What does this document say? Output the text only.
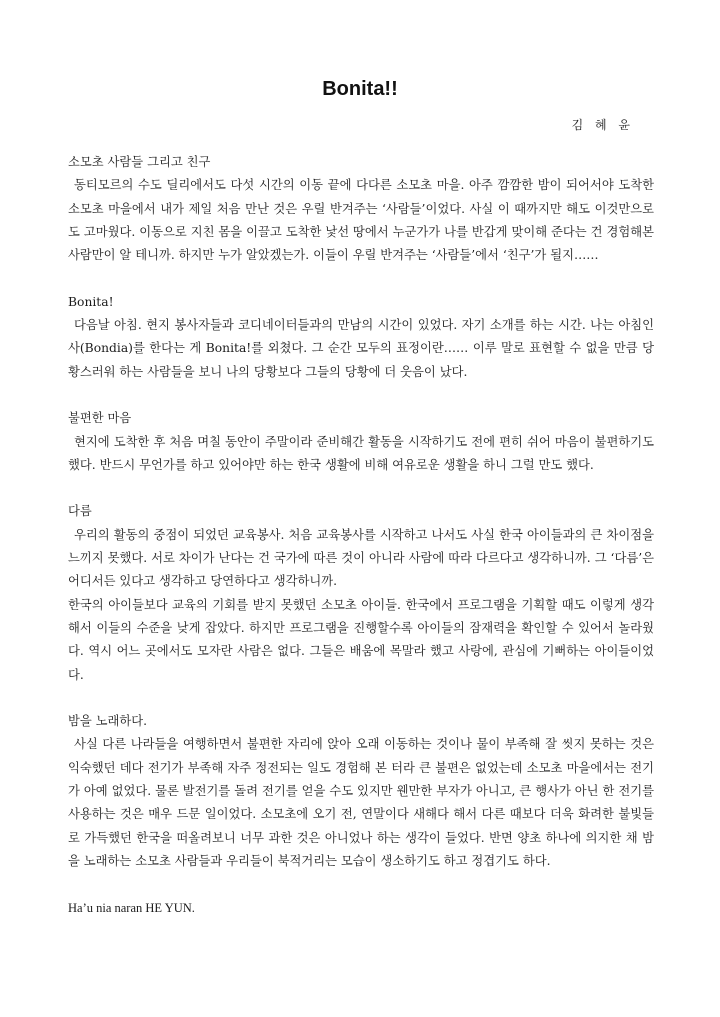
Bonita!!
김 혜 윤

소모초 사람들 그리고 친구

동티모르의 수도 딜리에서도 다섯 시간의 이동 끝에 다다른 소모초 마을. 아주 깜깜한 밤이 되어서야 도착한 소모초 마을에서 내가 제일 처음 만난 것은 우릴 반겨주는 ‘사람들’이었다. 사실 이 때까지만 해도 이것만으로도 고마웠다. 이동으로 지친 몸을 이끌고 도착한 낯선 땅에서 누군가가 나를 반갑게 맞이해 준다는 건 경험해본 사람만이 알 테니까. 하지만 누가 알았겠는가. 이들이 우릴 반겨주는 ‘사람들’에서 ‘친구’가 될지……

Bonita!

다음날 아침. 현지 봉사자들과 코디네이터들과의 만남의 시간이 있었다. 자기 소개를 하는 시간. 나는 아침인사(Bondia)를 한다는 게 Bonita!를 외쳤다. 그 순간 모두의 표정이란…… 이루 말로 표현할 수 없을 만큼 당황스러워 하는 사람들을 보니 나의 당황보다 그들의 당황에 더 웃음이 났다.

불편한 마음

현지에 도착한 후 처음 며칠 동안이 주말이라 준비해간 활동을 시작하기도 전에 편히 쉬어 마음이 불편하기도 했다. 반드시 무언가를 하고 있어야만 하는 한국 생활에 비해 여유로운 생활을 하니 그럴 만도 했다.

다름

우리의 활동의 중점이 되었던 교육봉사. 처음 교육봉사를 시작하고 나서도 사실 한국 아이들과의 큰 차이점을 느끼지 못했다. 서로 차이가 난다는 건 국가에 따른 것이 아니라 사람에 따라 다르다고 생각하니까. 그 ‘다름’은 어디서든 있다고 생각하고 당연하다고 생각하니까.

한국의 아이들보다 교육의 기회를 받지 못했던 소모초 아이들. 한국에서 프로그램을 기획할 때도 이렇게 생각해서 이들의 수준을 낮게 잡았다. 하지만 프로그램을 진행할수록 아이들의 잠재력을 확인할 수 있어서 놀라웠다. 역시 어느 곳에서도 모자란 사람은 없다. 그들은 배움에 목말라 했고 사랑에, 관심에 기뻐하는 아이들이었다.

밤을 노래하다.

사실 다른 나라들을 여행하면서 불편한 자리에 앉아 오래 이동하는 것이나 물이 부족해 잘 씻지 못하는 것은 익숙했던 데다 전기가 부족해 자주 정전되는 일도 경험해 본 터라 큰 불편은 없었는데 소모초 마을에서는 전기가 아예 없었다. 물론 발전기를 돌려 전기를 얻을 수도 있지만 웬만한 부자가 아니고, 큰 행사가 아닌 한 전기를 사용하는 것은 매우 드문 일이었다. 소모초에 오기 전, 연말이다 새해다 해서 다른 때보다 더욱 화려한 불빛들로 가득했던 한국을 떠올려보니 너무 과한 것은 아니었나 하는 생각이 들었다. 반면 양초 하나에 의지한 채 밤을 노래하는 소모초 사람들과 우리들이 북적거리는 모습이 생소하기도 하고 정겹기도 하다.

Ha’u nia naran HE YUN.
